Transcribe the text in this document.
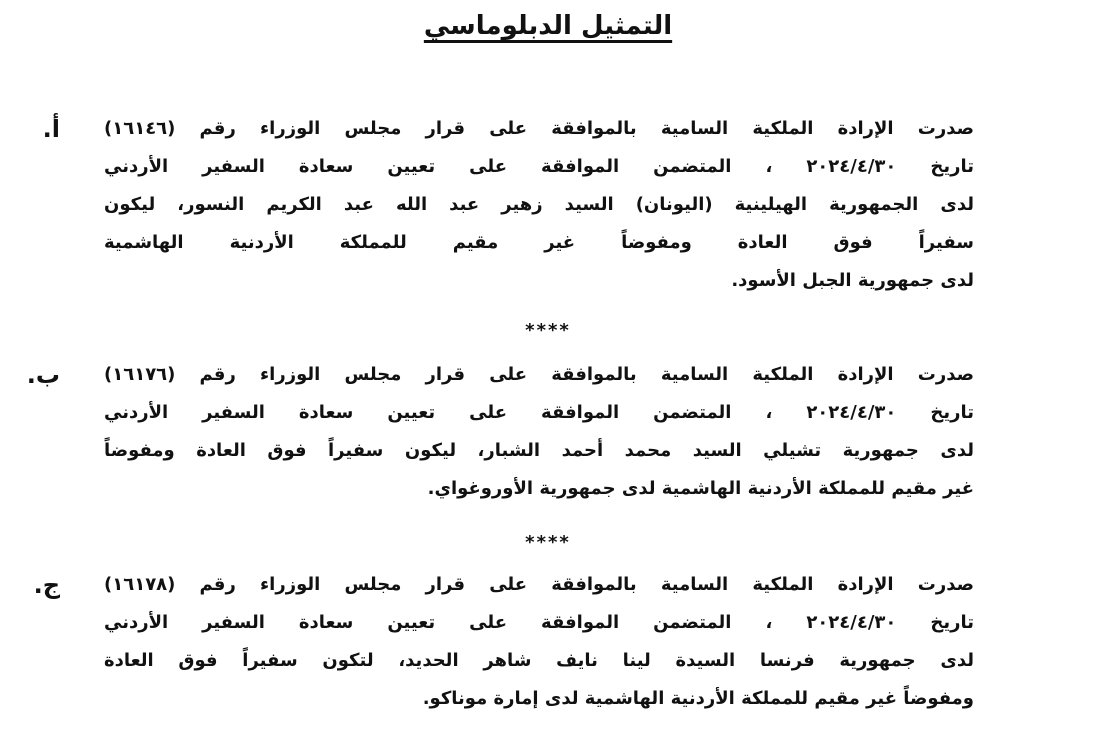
التمثيل الدبلوماسي
أ. صدرت الإرادة الملكية السامية بالموافقة على قرار مجلس الوزراء رقم (١٦١٤٦)

تاريخ ٢٠٢٤/٤/٣٠ ، المتضمن الموافقة على تعيين سعادة السفير الأردني

لدى الجمهورية الهيلينية (اليونان) السيد زهير عبد الله عبد الكريم النسور، ليكون

سفيراً فوق العادة ومفوضاً غير مقيم للمملكة الأردنية الهاشمية

لدى جمهورية الجبل الأسود.

****
ب. صدرت الإرادة الملكية السامية بالموافقة على قرار مجلس الوزراء رقم (١٦١٧٦)

تاريخ ٢٠٢٤/٤/٣٠ ، المتضمن الموافقة على تعيين سعادة السفير الأردني

لدى جمهورية تشيلي السيد محمد أحمد الشبار، ليكون سفيراً فوق العادة ومفوضاً

غير مقيم للمملكة الأردنية الهاشمية لدى جمهورية الأوروغواي.

****
ج. صدرت الإرادة الملكية السامية بالموافقة على قرار مجلس الوزراء رقم (١٦١٧٨)

تاريخ ٢٠٢٤/٤/٣٠ ، المتضمن الموافقة على تعيين سعادة السفير الأردني

لدى جمهورية فرنسا السيدة لينا نايف شاهر الحديد، لتكون سفيراً فوق العادة

ومفوضاً غير مقيم للمملكة الأردنية الهاشمية لدى إمارة موناكو.
